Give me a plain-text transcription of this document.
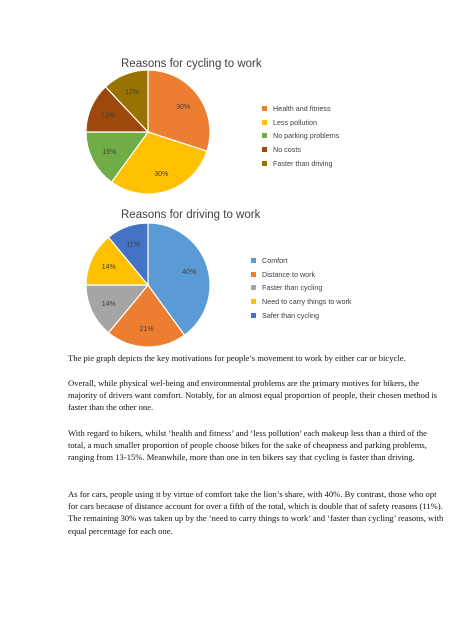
Reasons for cycling to work
30%
30%
15%
13%
12%
Health and fitness
Less pollution
No parking problems
No costs
Faster than driving
Reasons for driving to work
40%
21%
14%
14%
11%
Comfort
Distance to work
Faster than cycling
Need to carry things to work
Safer than cycling

The pie graph depicts the key motivations for people’s movement to work by either car or bicycle.

Overall, while physical wel-being and environmental problems are the primary motives for bikers, the majority of drivers want comfort. Notably, for an almost equal proportion of people, their chosen method is faster than the other one.

With regard to bikers, whilst ‘health and fitness’ and ‘less pollution’ each makeup less than a third of the total, a much smaller proportion of people choose bikes for the sake of cheapness and parking problems, ranging from 13-15%. Meanwhile, more than one in ten bikers say that cycling is faster than driving.

As for cars, people using it by virtue of comfort take the lion’s share, with 40%. By contrast, those who opt for cars because of distance account for over a fifth of the total, which is double that of safety reasons (11%). The remaining 30% was taken up by the ‘need to carry things to work’ and ‘faster than cycling’ reasons, with equal percentage for each one.
